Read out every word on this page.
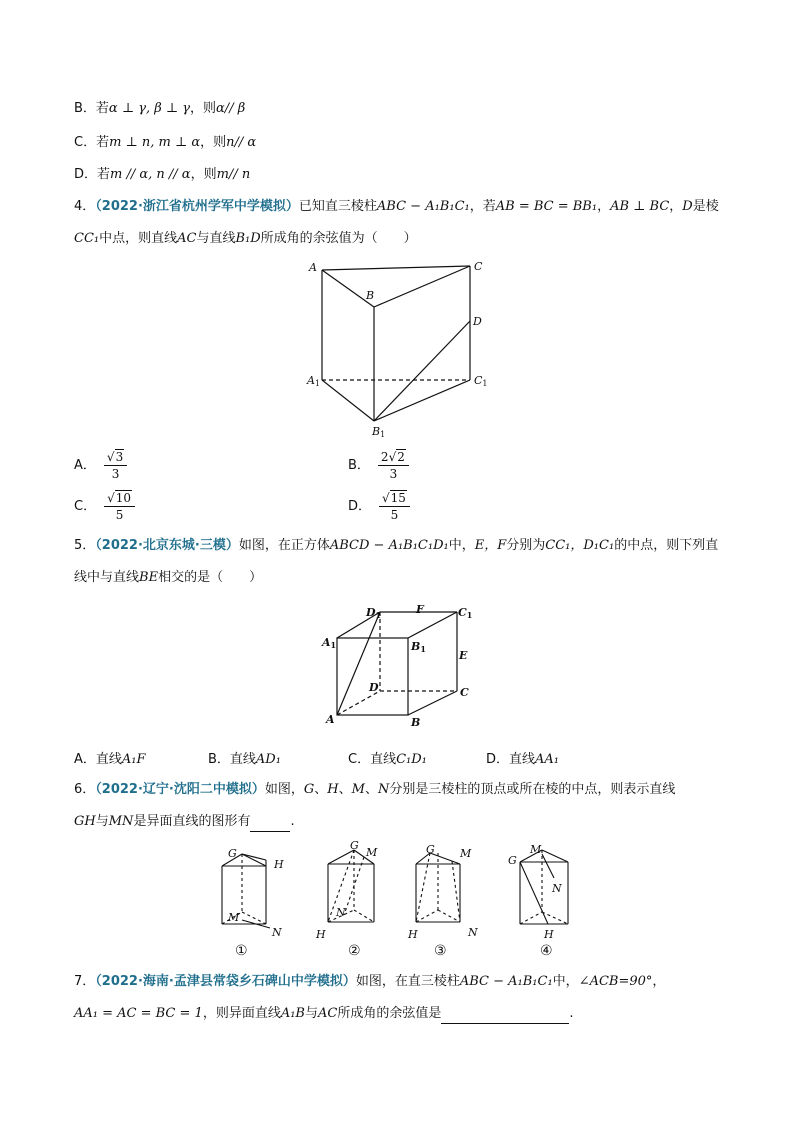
B．若α ⊥ γ, β ⊥ γ，则α// β
C．若m ⊥ n, m ⊥ α，则n// α
D．若m // α, n // α，则m// n
4．（2022·浙江省杭州学军中学模拟）已知直三棱柱ABC − A₁B₁C₁，若AB = BC = BB₁，AB ⊥ BC，D是棱
CC₁中点，则直线AC与直线B₁D所成角的余弦值为（　　）
A
B
C
D
A1	C1
B1
A． $\frac{√3}{3}$	B． $\frac{2√2}{3}$
C． $\frac{√10}{5}$	D． $\frac{√15}{5}$
5．（2022·北京东城·三模）如图，在正方体ABCD − A₁B₁C₁D₁中，E，F分别为CC₁，D₁C₁的中点，则下列直
线中与直线BE相交的是（　　）
D1	F	C1
A1	B1	E
D	C
A	B
A．直线A₁F	B．直线AD₁	C．直线C₁D₁	D．直线AA₁
6．（2022·辽宁·沈阳二中模拟）如图，G、H、M、N分别是三棱柱的顶点或所在棱的中点，则表示直线
GH与MN是异面直线的图形有	.
G
H
M
N
①
G
M
N
H
②
G M
H	N
③
G
M
N
H
④
7．（2022·海南·孟津县常袋乡石碑山中学模拟）如图，在直三棱柱ABC − A₁B₁C₁中，∠ACB=90°，
AA₁ = AC = BC = 1，则异面直线A₁B与AC所成角的余弦值是	.
